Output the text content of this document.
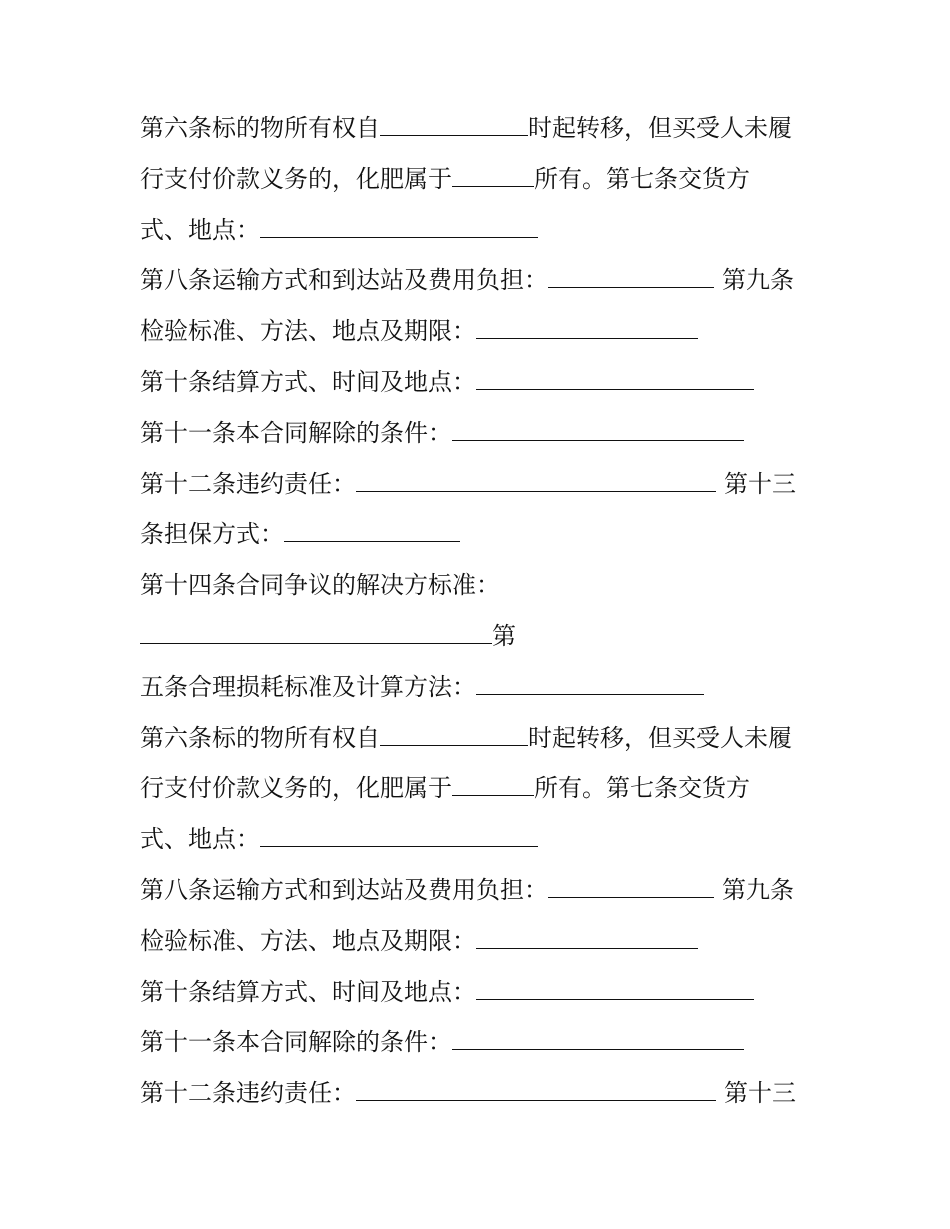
第六条标的物所有权自	时起转移，但买受人未履
行支付价款义务的，化肥属于	所有。第七条交货方
式、地点：
第八条运输方式和到达站及费用负担：	第九条
检验标准、方法、地点及期限：
第十条结算方式、时间及地点：
第十一条本合同解除的条件：
第十二条违约责任：	第十三
条担保方式：
第十四条合同争议的解决方标准：
第
五条合理损耗标准及计算方法：
第六条标的物所有权自	时起转移，但买受人未履
行支付价款义务的，化肥属于	所有。第七条交货方
式、地点：
第八条运输方式和到达站及费用负担：	第九条
检验标准、方法、地点及期限：
第十条结算方式、时间及地点：
第十一条本合同解除的条件：
第十二条违约责任：	第十三
